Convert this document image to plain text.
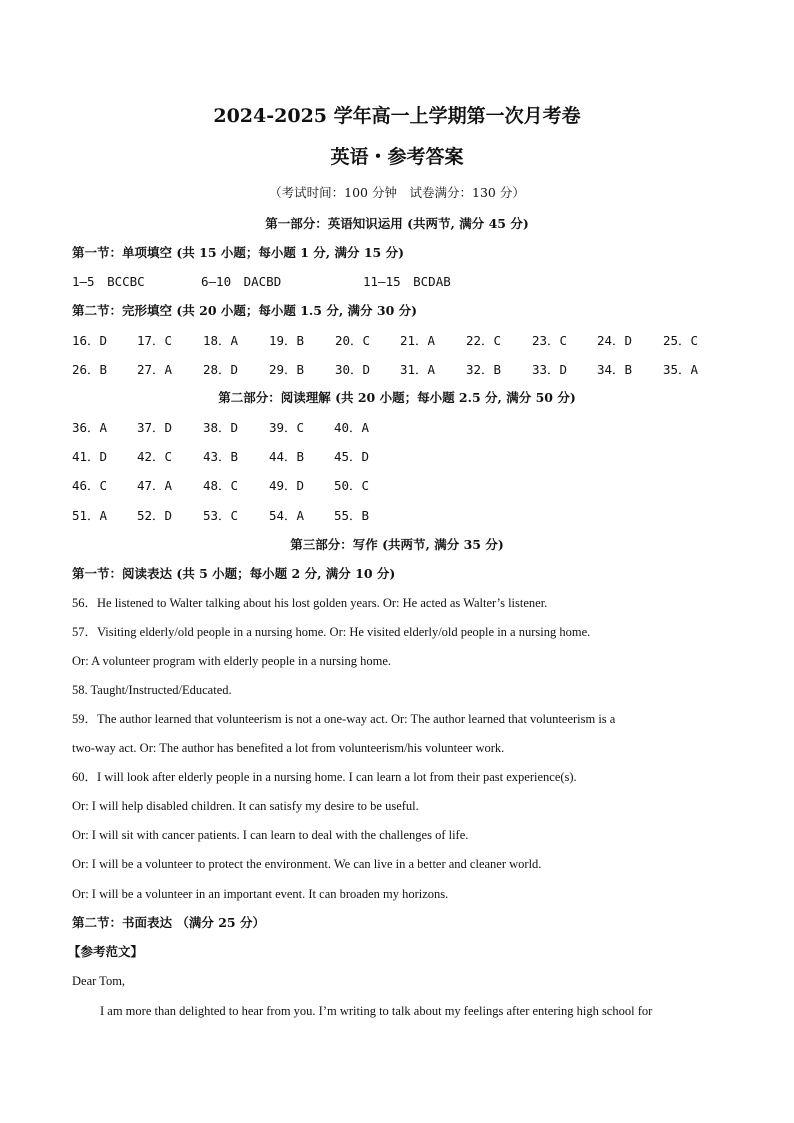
2024-2025 学年高一上学期第一次月考卷
英语・参考答案
（考试时间：100 分钟　试卷满分：130 分）
第一部分：英语知识运用 (共两节, 满分 45 分)
第一节：单项填空 (共 15 小题；每小题 1 分, 满分 15 分)
1—5　BCCBC	6—10　DACBD	11—15　BCDAB
第二节：完形填空 (共 20 小题；每小题 1.5 分, 满分 30 分)
16．D 17．C 18．A 19．B 20．C 21．A 22．C 23．C 24．D 25．C
26．B 27．A 28．D 29．B 30．D 31．A 32．B 33．D 34．B 35．A
第二部分：阅读理解 (共 20 小题；每小题 2.5 分, 满分 50 分)
36．A 37．D 38．D 39．C 40．A
41．D 42．C 43．B 44．B 45．D
46．C 47．A 48．C 49．D 50．C
51．A 52．D 53．C 54．A 55．B
第三部分：写作 (共两节, 满分 35 分)
第一节：阅读表达 (共 5 小题；每小题 2 分, 满分 10 分)
56．He listened to Walter talking about his lost golden years. Or: He acted as Walter’s listener.
57．Visiting elderly/old people in a nursing home. Or: He visited elderly/old people in a nursing home.
Or: A volunteer program with elderly people in a nursing home.
58. Taught/Instructed/Educated.
59．The author learned that volunteerism is not a one-way act. Or: The author learned that volunteerism is a
two-way act. Or: The author has benefited a lot from volunteerism/his volunteer work.
60．I will look after elderly people in a nursing home. I can learn a lot from their past experience(s).
Or: I will help disabled children. It can satisfy my desire to be useful.
Or: I will sit with cancer patients. I can learn to deal with the challenges of life.
Or: I will be a volunteer to protect the environment. We can live in a better and cleaner world.
Or: I will be a volunteer in an important event. It can broaden my horizons.
第二节：书面表达 （满分 25 分）
【参考范文】
Dear Tom,
I am more than delighted to hear from you. I’m writing to talk about my feelings after entering high school for
